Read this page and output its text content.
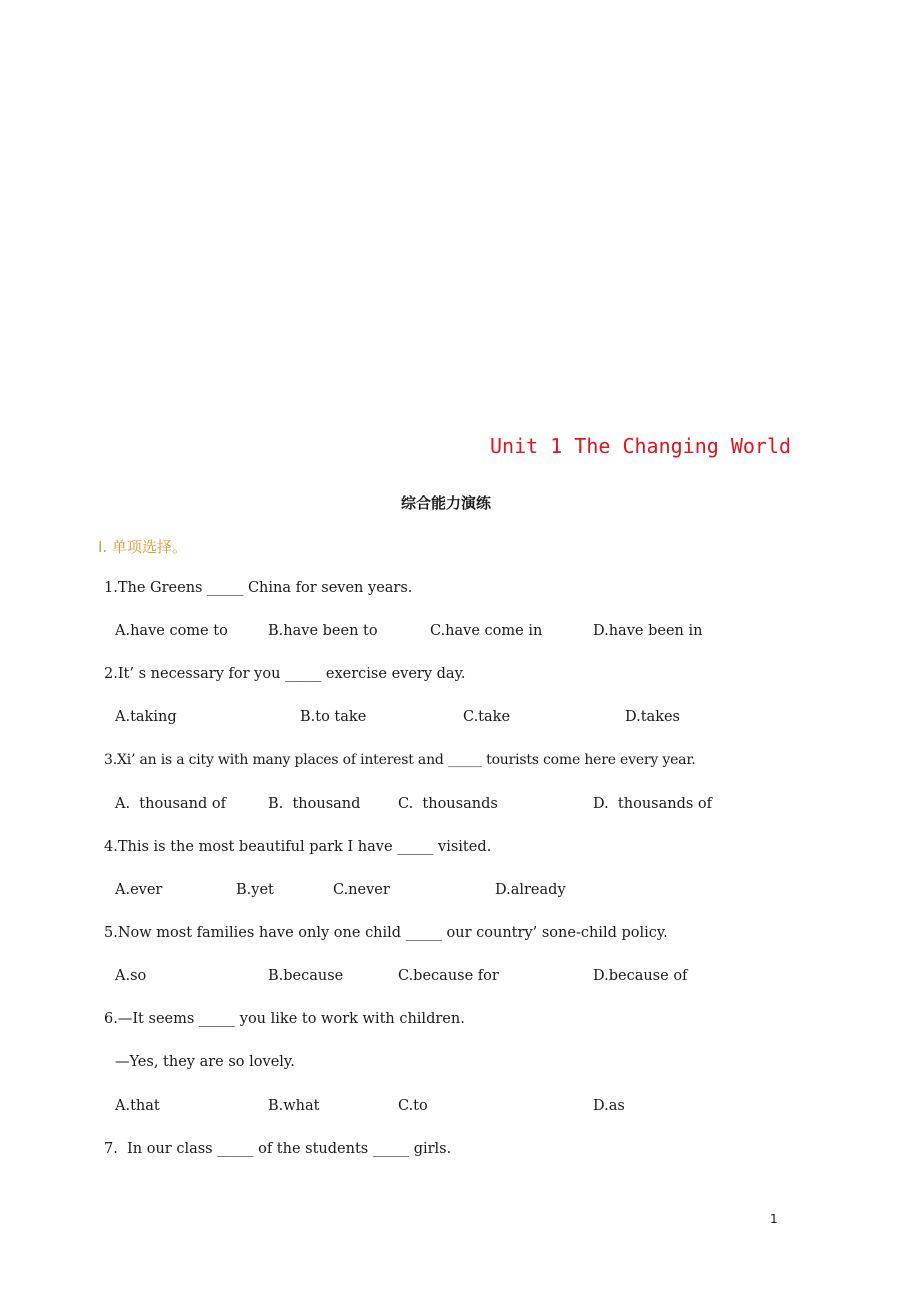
Unit 1 The Changing World
综合能力演练
I. 单项选择。
1.The Greens _____ China for seven years.
A.have come to	B.have been to	C.have come in	D.have been in
2.It’ s necessary for you _____ exercise every day.
A.taking	B.to take	C.take	D.takes
3.Xi’ an is a city with many places of interest and _____ tourists come here every year.
A.  thousand of	B.  thousand	C.  thousands	D.  thousands of
4.This is the most beautiful park I have _____ visited.
A.ever	B.yet	C.never	D.already
5.Now most families have only one child _____ our country’ sone-child policy.
A.so	B.because	C.because for	D.because of
6.—It seems _____ you like to work with children.
—Yes, they are so lovely.
A.that	B.what	C.to	D.as
7.  In our class _____ of the students _____ girls.
1
